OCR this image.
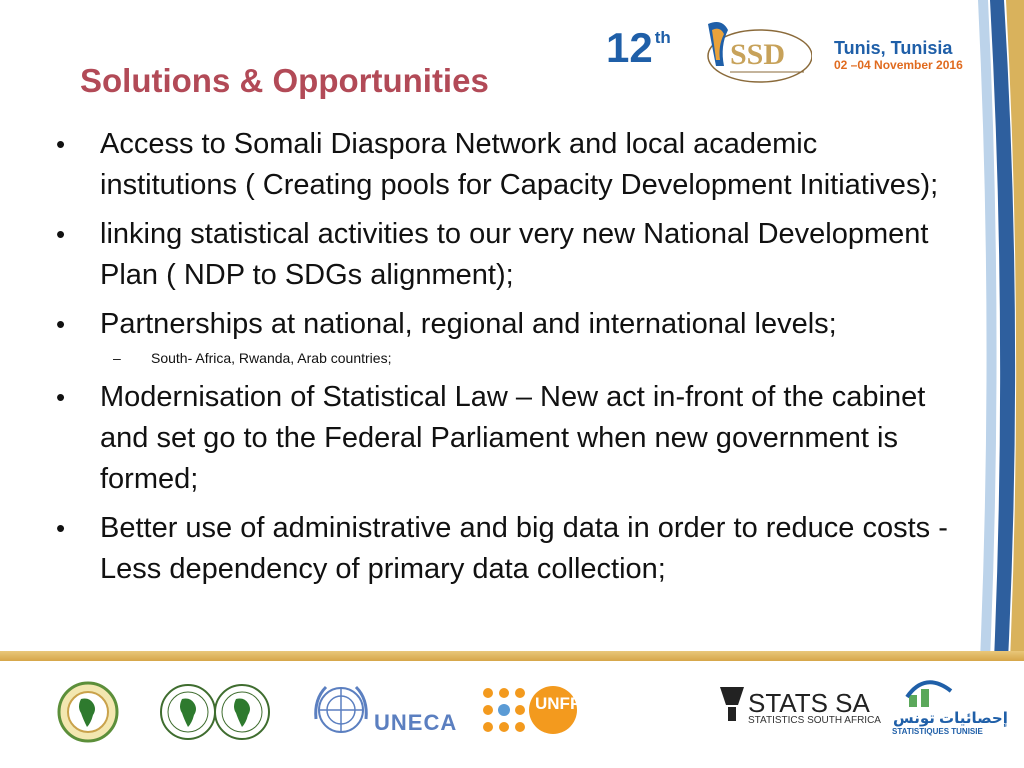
Solutions & Opportunities
12 $^{th}$
SSD	Tunis, Tunisia
02 –04 November 2016
•	Access to Somali Diaspora Network and local academic institutions ( Creating pools for Capacity Development Initiatives);
•	linking statistical activities to our very new National Development Plan ( NDP to SDGs alignment);
•	Partnerships at national, regional and international levels;
– South- Africa, Rwanda, Arab countries;
•	Modernisation of Statistical Law – New act in-front of the cabinet and set go to the Federal Parliament when new government is formed;
•	Better use of administrative and big data in order to reduce costs - Less dependency of primary data collection;
UNECA
UNFPA	STATS SA
STATISTICS SOUTH AFRICA إحصائيات تونس
STATISTIQUES TUNISIE
